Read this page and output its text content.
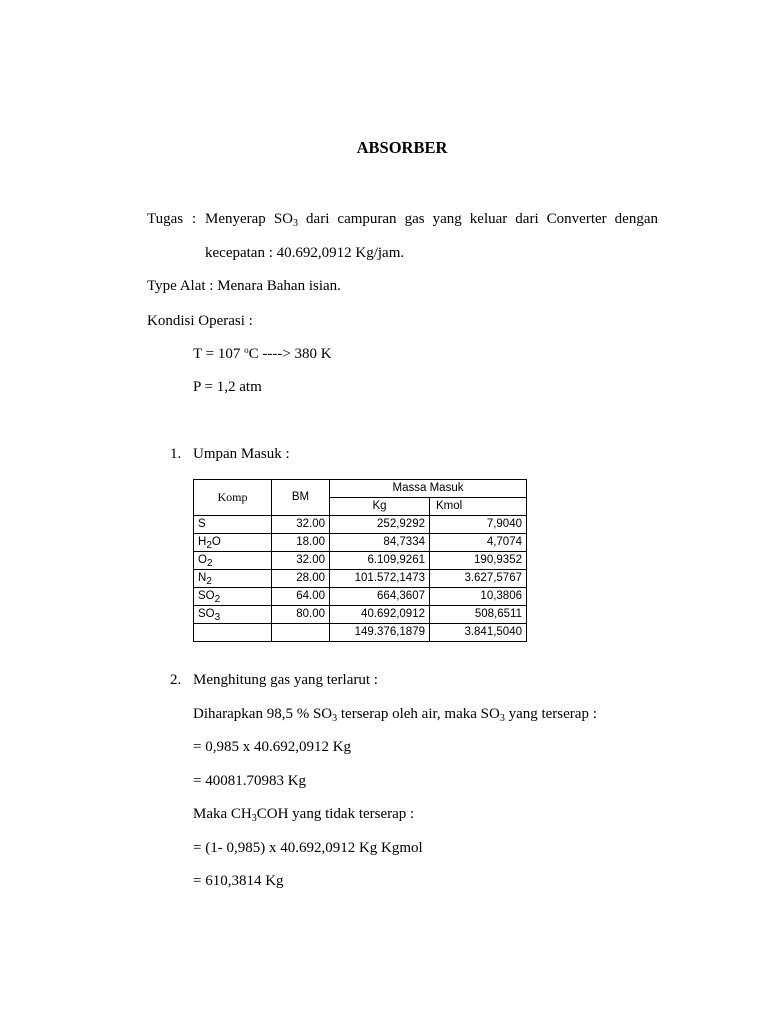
ABSORBER
Tugas : Menyerap $SO_3$ dari campuran gas yang keluar dari Converter dengan
kecepatan : 40.692,0912 Kg/jam.
Type Alat : Menara Bahan isian.
Kondisi Operasi :
T = 107 $^o$C ----> 380 K
P = 1,2 atm
1. Umpan Masuk :
Komp	BM	Massa Masuk	
		Kg	Kmol
S	32.00	252,9292	7,9040
$H_2O$	18.00	84,7334	4,7074
$O_2$	32.00	6.109,9261	190,9352
$N_2$	28.00	101.572,1473	3.627,5767
$SO_2$	64.00	664,3607	10,3806
$SO_3$	80.00	40.692,0912	508,6511
		149.376,1879	3.841,5040
2. Menghitung gas yang terlarut :
Diharapkan 98,5 % $SO_3$ terserap oleh air, maka $SO_3$ yang terserap :
= 0,985 x 40.692,0912 Kg
= 40081.70983 Kg
Maka $CH_3COH$ yang tidak terserap :
= (1- 0,985) x 40.692,0912 Kg Kgmol
= 610,3814 Kg
